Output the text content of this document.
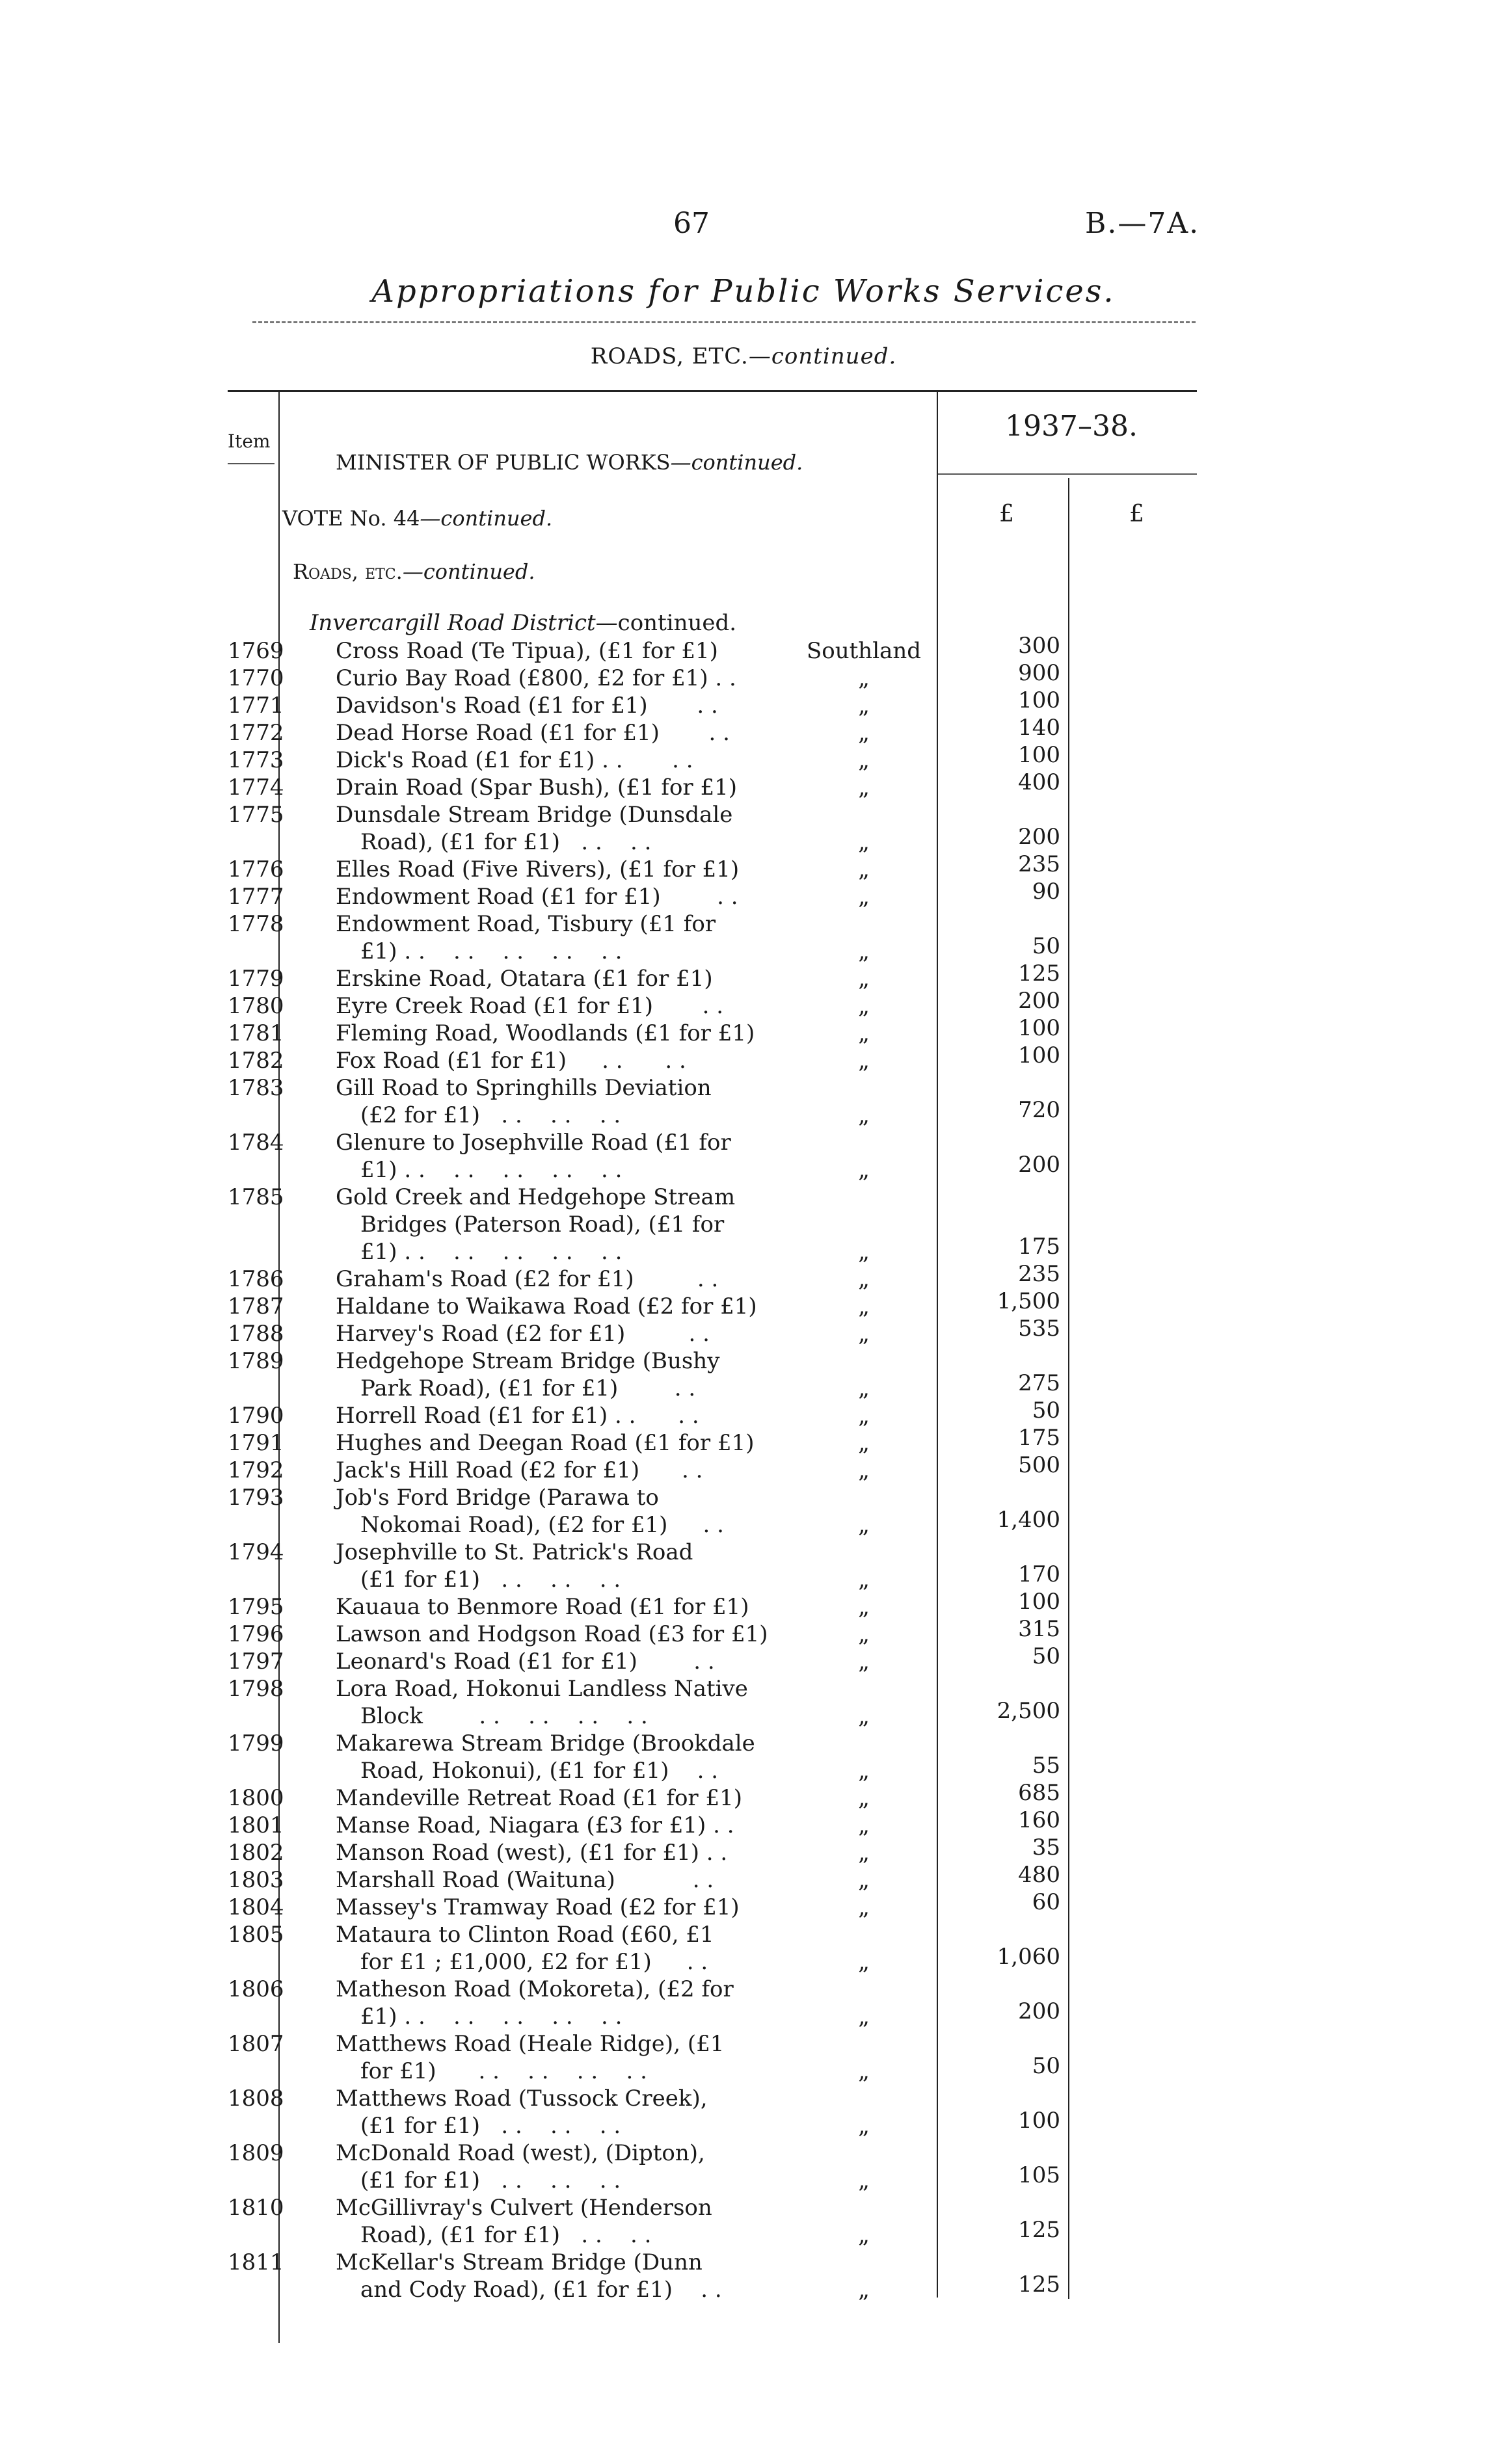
67	B.—7A.
Appropriations for Public Works Services.
ROADS, ETC.—continued.
Item
MINISTER OF PUBLIC WORKS—continued.
VOTE No. 44—continued.
Roads, etc.—continued.
1937–38.
£	£
Invercargill Road District—continued.
1769 Cross Road (Te Tipua), (£1 for £1)	Southland	300
1770 Curio Bay Road (£800, £2 for £1) . .	„	900
1771 Davidson's Road (£1 for £1)       . .	„	100
1772 Dead Horse Road (£1 for £1)       . .	„	140
1773 Dick's Road (£1 for £1) . .       . .	„	100
1774 Drain Road (Spar Bush), (£1 for £1)	„	400
1775 Dunsdale Stream Bridge (Dunsdale
Road), (£1 for £1)   . .    . .	„	200
1776 Elles Road (Five Rivers), (£1 for £1)	„	235
1777 Endowment Road (£1 for £1)        . .	„	90
1778 Endowment Road, Tisbury (£1 for
£1) . .    . .    . .    . .    . .	„	50
1779 Erskine Road, Otatara (£1 for £1)	„	125
1780 Eyre Creek Road (£1 for £1)       . .	„	200
1781 Fleming Road, Woodlands (£1 for £1)	„	100
1782 Fox Road (£1 for £1)     . .      . .	„	100
1783 Gill Road to Springhills Deviation
(£2 for £1)   . .    . .    . .	„	720
1784 Glenure to Josephville Road (£1 for
£1) . .    . .    . .    . .    . .	„	200
1785 Gold Creek and Hedgehope Stream
Bridges (Paterson Road), (£1 for
£1) . .    . .    . .    . .    . .	„	175
1786 Graham's Road (£2 for £1)         . .	„	235
1787 Haldane to Waikawa Road (£2 for £1)	„	1,500
1788 Harvey's Road (£2 for £1)         . .	„	535
1789 Hedgehope Stream Bridge (Bushy
Park Road), (£1 for £1)        . .	„	275
1790 Horrell Road (£1 for £1) . .      . .	„	50
1791 Hughes and Deegan Road (£1 for £1)	„	175
1792 Jack's Hill Road (£2 for £1)      . .	„	500
1793 Job's Ford Bridge (Parawa to
Nokomai Road), (£2 for £1)     . .	„	1,400
1794 Josephville to St. Patrick's Road
(£1 for £1)   . .    . .    . .	„	170
1795 Kauaua to Benmore Road (£1 for £1)	„	100
1796 Lawson and Hodgson Road (£3 for £1)	„	315
1797 Leonard's Road (£1 for £1)        . .	„	50
1798 Lora Road, Hokonui Landless Native
Block        . .    . .    . .    . .	„	2,500
1799 Makarewa Stream Bridge (Brookdale
Road, Hokonui), (£1 for £1)    . .	„	55
1800 Mandeville Retreat Road (£1 for £1)	„	685
1801 Manse Road, Niagara (£3 for £1) . .	„	160
1802 Manson Road (west), (£1 for £1) . .	„	35
1803 Marshall Road (Waituna)           . .	„	480
1804 Massey's Tramway Road (£2 for £1)	„	60
1805 Mataura to Clinton Road (£60, £1
for £1 ; £1,000, £2 for £1)     . .	„	1,060
1806 Matheson Road (Mokoreta), (£2 for
£1) . .    . .    . .    . .    . .	„	200
1807 Matthews Road (Heale Ridge), (£1
for £1)      . .    . .    . .    . .	„	50
1808 Matthews Road (Tussock Creek),
(£1 for £1)   . .    . .    . .	„	100
1809 McDonald Road (west), (Dipton),
(£1 for £1)   . .    . .    . .	„	105
1810 McGillivray's Culvert (Henderson
Road), (£1 for £1)   . .    . .	„	125
1811 McKellar's Stream Bridge (Dunn
and Cody Road), (£1 for £1)    . .	„	125
